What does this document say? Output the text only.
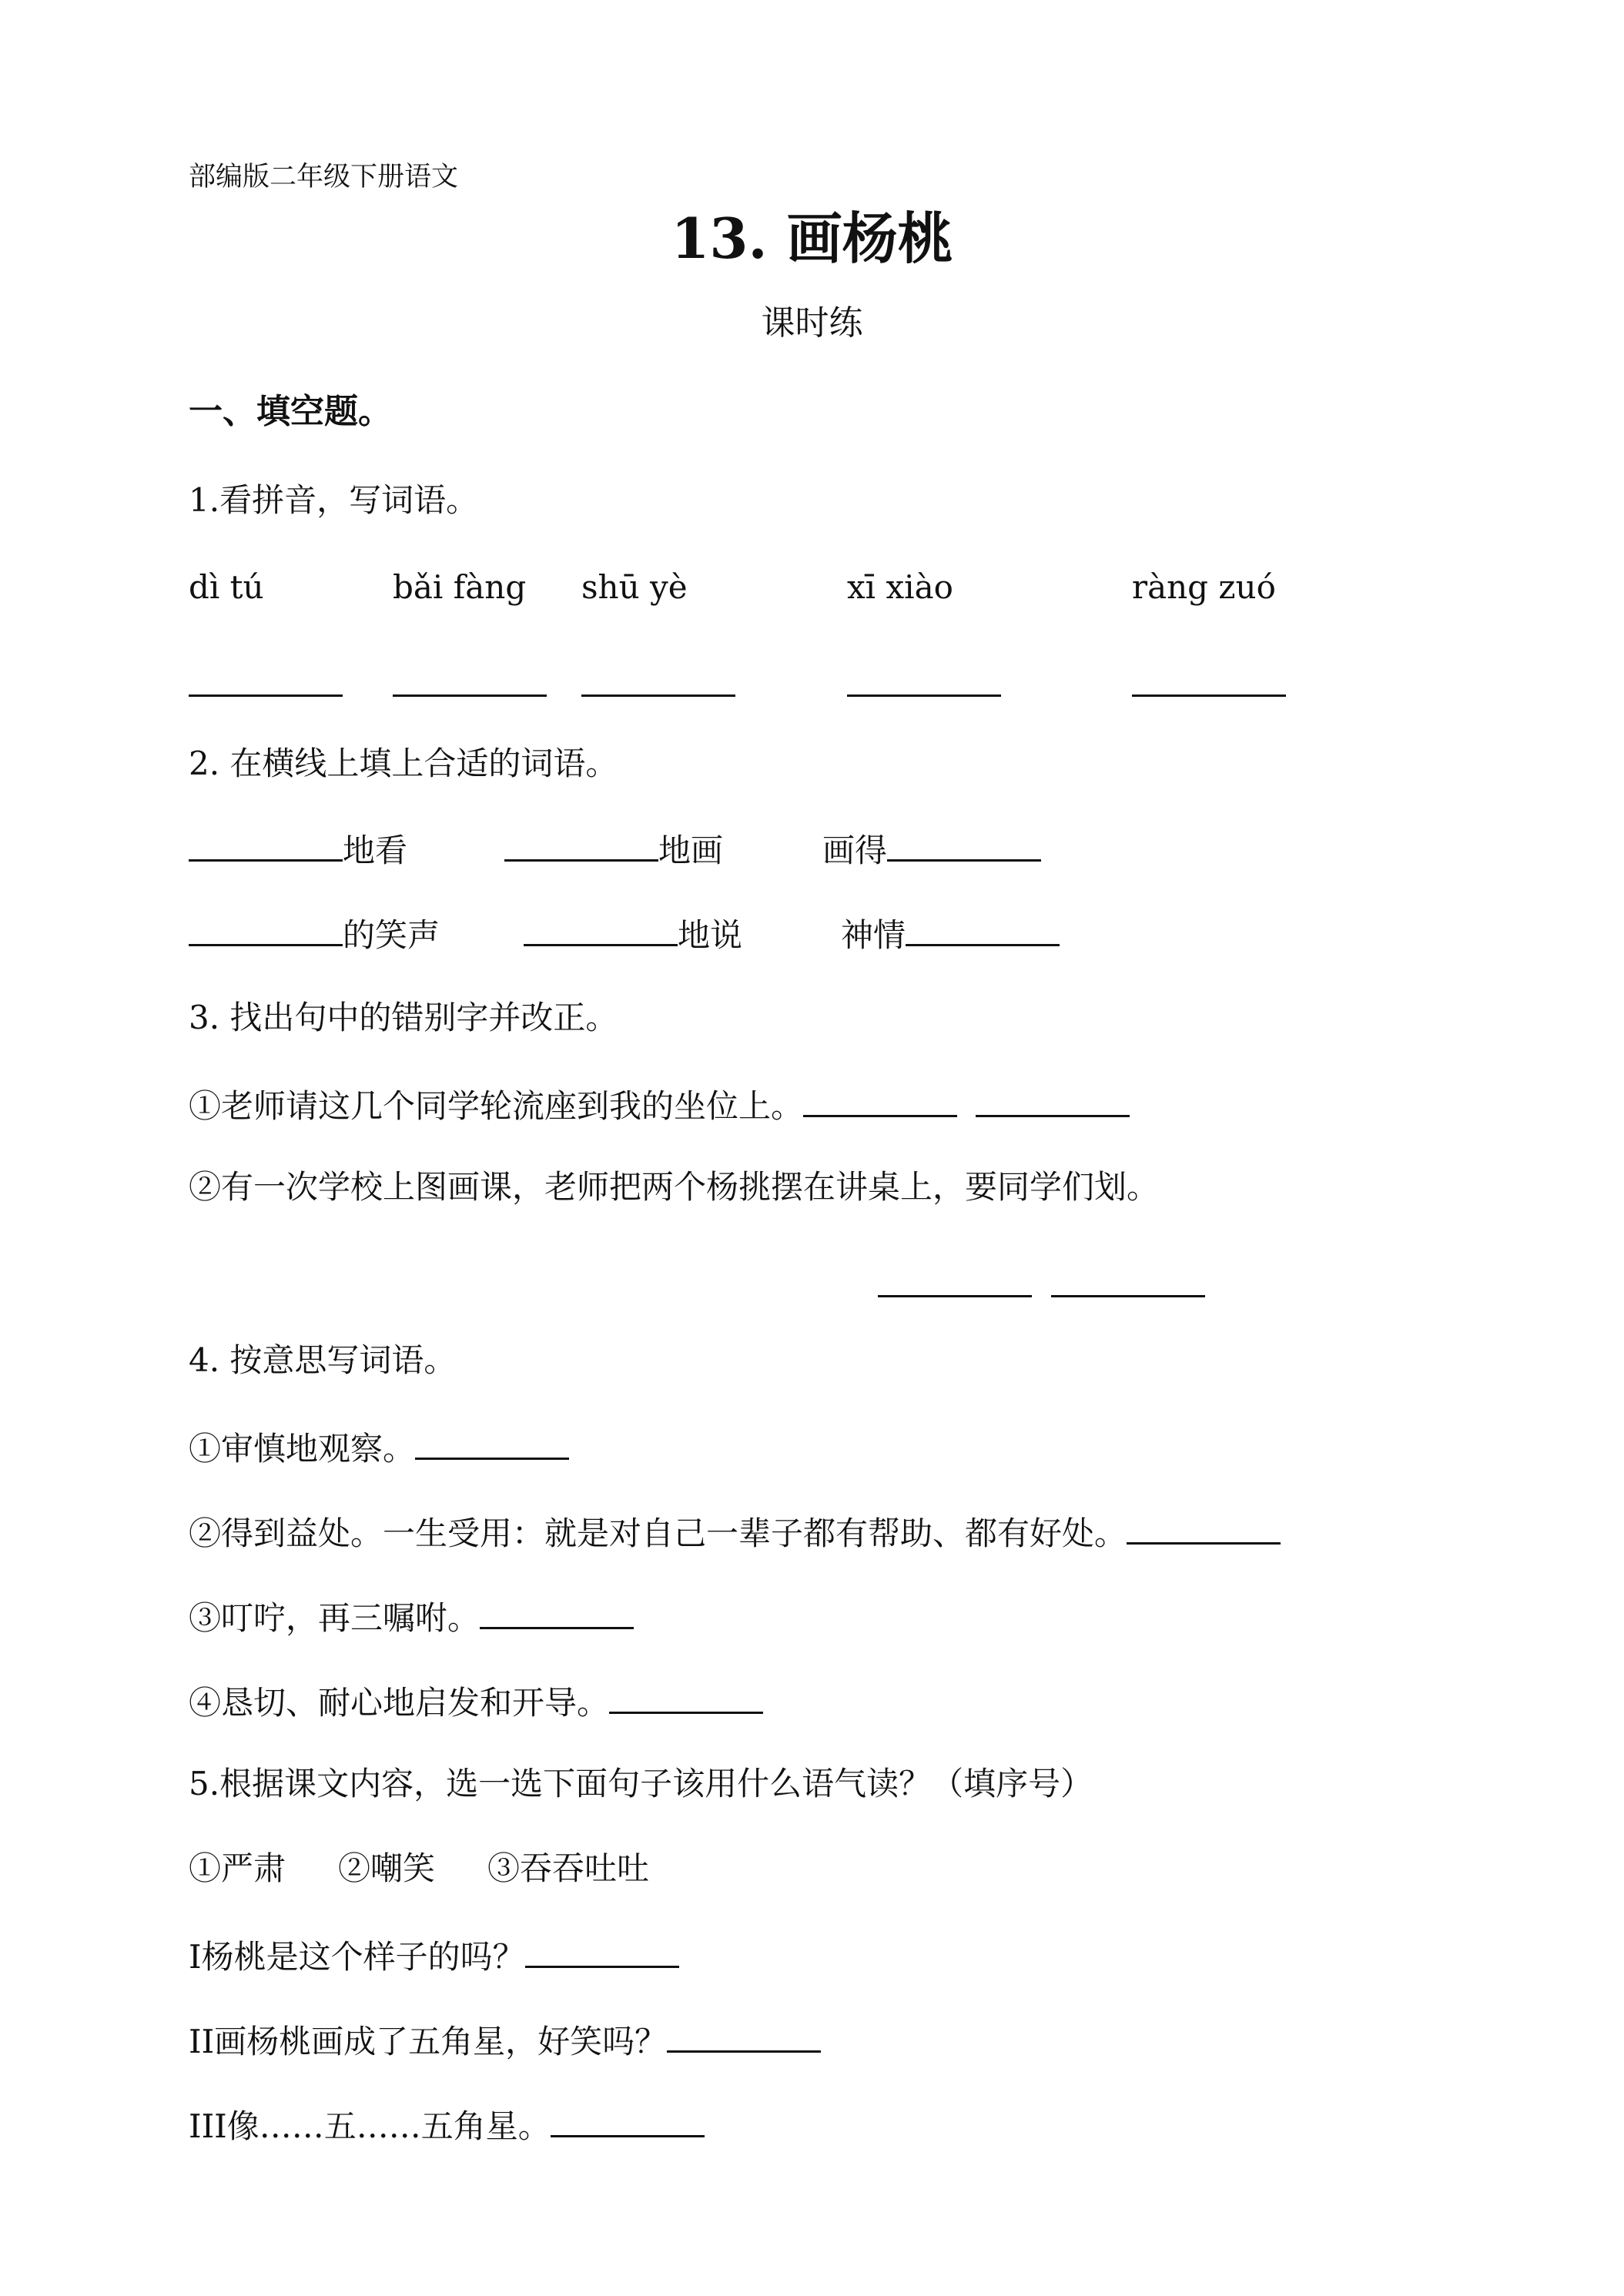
部编版二年级下册语文
13. 画杨桃
课时练
一、填空题。
1.看拼音，写词语。
dì tú	bǎi fàng shū yè	xī xiào	ràng zuó
2. 在横线上填上合适的词语。
地看	地画	画得
的笑声	地说	神情
3. 找出句中的错别字并改正。
①老师请这几个同学轮流座到我的坐位上。
②有一次学校上图画课，老师把两个杨挑摆在讲桌上，要同学们划。
4. 按意思写词语。
①审慎地观察。
②得到益处。一生受用：就是对自己一辈子都有帮助、都有好处。
③叮咛，再三嘱咐。
④恳切、耐心地启发和开导。
5.根据课文内容，选一选下面句子该用什么语气读？（填序号）
①严肃 ②嘲笑 ③吞吞吐吐
I杨桃是这个样子的吗？
II画杨桃画成了五角星，好笑吗？
III像……五……五角星。
